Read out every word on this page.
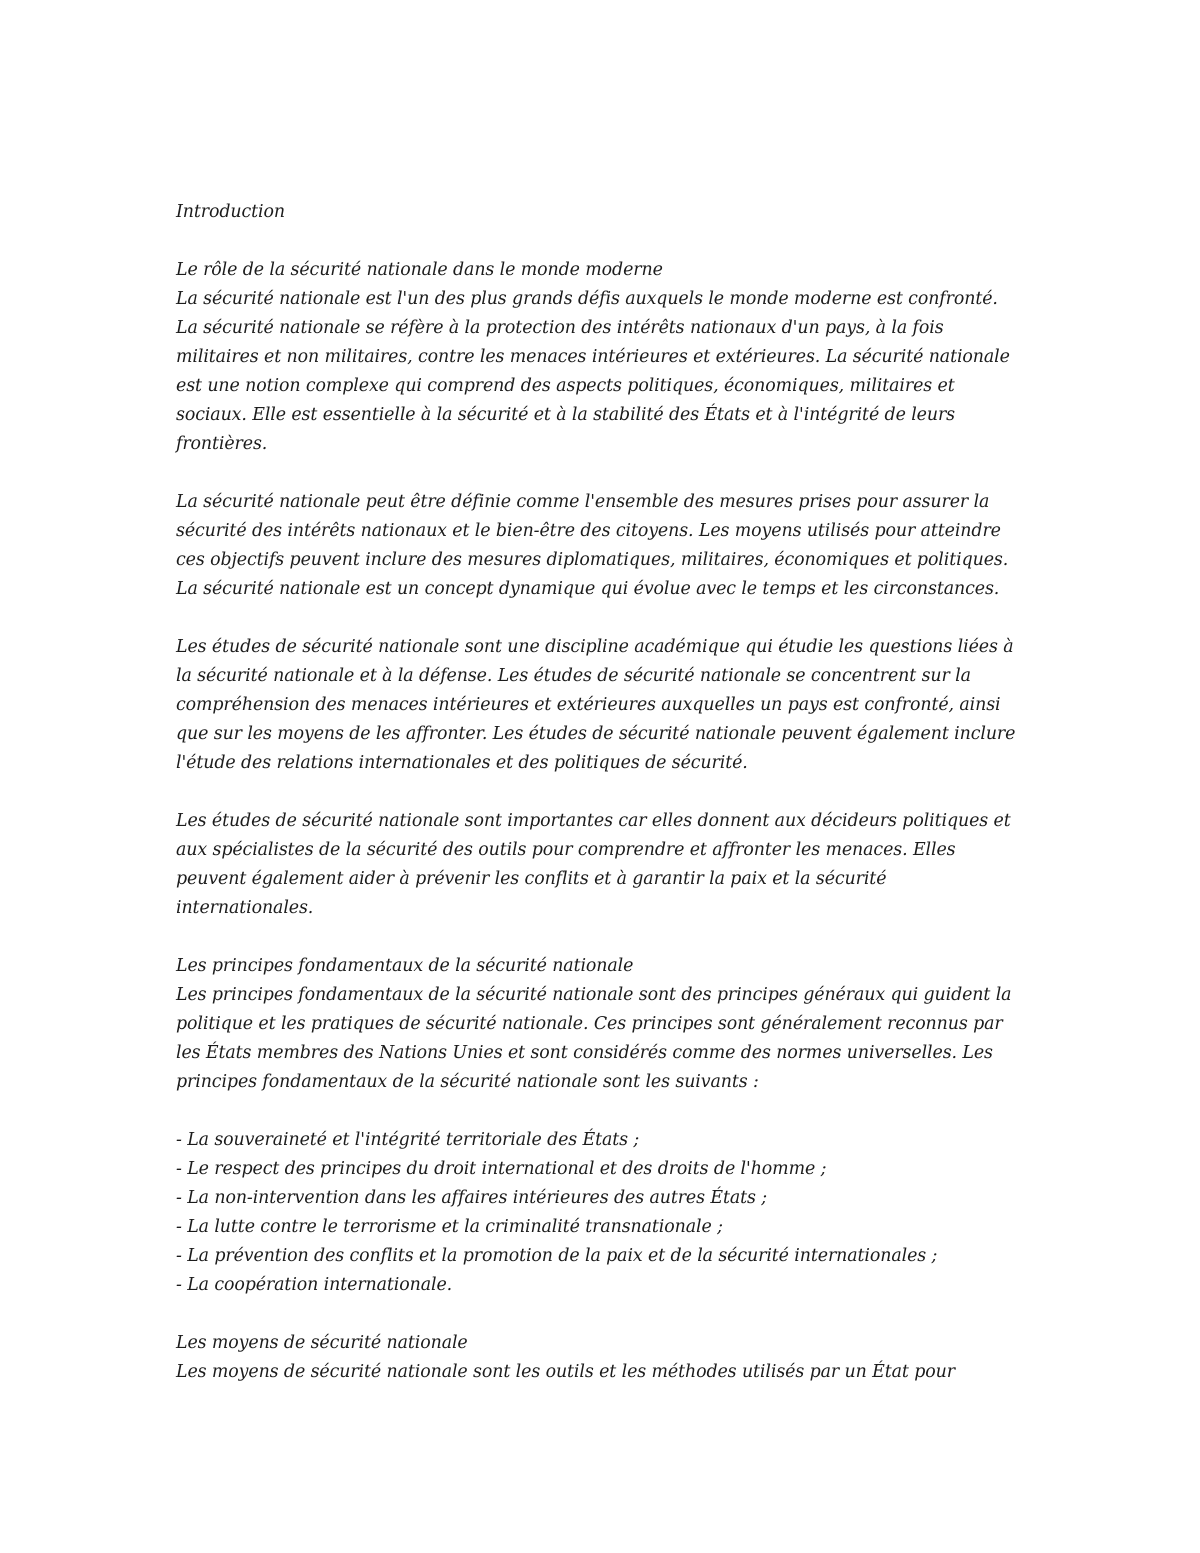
Introduction
Le rôle de la sécurité nationale dans le monde moderne
La sécurité nationale est l'un des plus grands défis auxquels le monde moderne est confronté.
La sécurité nationale se réfère à la protection des intérêts nationaux d'un pays, à la fois
militaires et non militaires, contre les menaces intérieures et extérieures. La sécurité nationale
est une notion complexe qui comprend des aspects politiques, économiques, militaires et
sociaux. Elle est essentielle à la sécurité et à la stabilité des États et à l'intégrité de leurs
frontières.
La sécurité nationale peut être définie comme l'ensemble des mesures prises pour assurer la
sécurité des intérêts nationaux et le bien-être des citoyens. Les moyens utilisés pour atteindre
ces objectifs peuvent inclure des mesures diplomatiques, militaires, économiques et politiques.
La sécurité nationale est un concept dynamique qui évolue avec le temps et les circonstances.
Les études de sécurité nationale sont une discipline académique qui étudie les questions liées à
la sécurité nationale et à la défense. Les études de sécurité nationale se concentrent sur la
compréhension des menaces intérieures et extérieures auxquelles un pays est confronté, ainsi
que sur les moyens de les affronter. Les études de sécurité nationale peuvent également inclure
l'étude des relations internationales et des politiques de sécurité.
Les études de sécurité nationale sont importantes car elles donnent aux décideurs politiques et
aux spécialistes de la sécurité des outils pour comprendre et affronter les menaces. Elles
peuvent également aider à prévenir les conflits et à garantir la paix et la sécurité
internationales.
Les principes fondamentaux de la sécurité nationale
Les principes fondamentaux de la sécurité nationale sont des principes généraux qui guident la
politique et les pratiques de sécurité nationale. Ces principes sont généralement reconnus par
les États membres des Nations Unies et sont considérés comme des normes universelles. Les
principes fondamentaux de la sécurité nationale sont les suivants :
- La souveraineté et l'intégrité territoriale des États ;
- Le respect des principes du droit international et des droits de l'homme ;
- La non-intervention dans les affaires intérieures des autres États ;
- La lutte contre le terrorisme et la criminalité transnationale ;
- La prévention des conflits et la promotion de la paix et de la sécurité internationales ;
- La coopération internationale.
Les moyens de sécurité nationale
Les moyens de sécurité nationale sont les outils et les méthodes utilisés par un État pour
